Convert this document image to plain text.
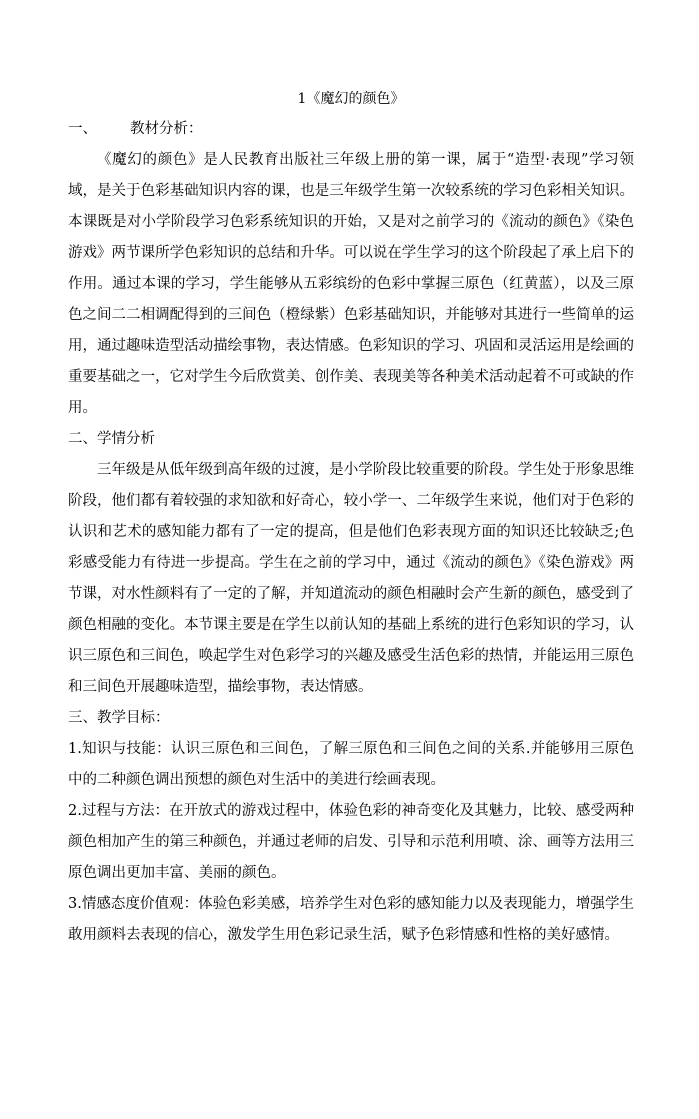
1《魔幻的颜色》
一、	教材分析：

《魔幻的颜色》是人民教育出版社三年级上册的第一课，属于“造型·表现”学习领域，是关于色彩基础知识内容的课，也是三年级学生第一次较系统的学习色彩相关知识。本课既是对小学阶段学习色彩系统知识的开始，又是对之前学习的《流动的颜色》《染色游戏》两节课所学色彩知识的总结和升华。可以说在学生学习的这个阶段起了承上启下的作用。通过本课的学习，学生能够从五彩缤纷的色彩中掌握三原色（红黄蓝），以及三原色之间二二相调配得到的三间色（橙绿紫）色彩基础知识，并能够对其进行一些简单的运用，通过趣味造型活动描绘事物，表达情感。色彩知识的学习、巩固和灵活运用是绘画的重要基础之一，它对学生今后欣赏美、创作美、表现美等各种美术活动起着不可或缺的作用。

二、学情分析

三年级是从低年级到高年级的过渡，是小学阶段比较重要的阶段。学生处于形象思维阶段，他们都有着较强的求知欲和好奇心，较小学一、二年级学生来说，他们对于色彩的认识和艺术的感知能力都有了一定的提高，但是他们色彩表现方面的知识还比较缺乏;色彩感受能力有待进一步提高。学生在之前的学习中，通过《流动的颜色》《染色游戏》两节课，对水性颜料有了一定的了解，并知道流动的颜色相融时会产生新的颜色，感受到了颜色相融的变化。本节课主要是在学生以前认知的基础上系统的进行色彩知识的学习，认识三原色和三间色，唤起学生对色彩学习的兴趣及感受生活色彩的热情，并能运用三原色和三间色开展趣味造型，描绘事物，表达情感。

三、教学目标：

1.知识与技能：认识三原色和三间色，了解三原色和三间色之间的关系.并能够用三原色中的二种颜色调出预想的颜色对生活中的美进行绘画表现。

2.过程与方法：在开放式的游戏过程中，体验色彩的神奇变化及其魅力，比较、感受两种颜色相加产生的第三种颜色，并通过老师的启发、引导和示范利用喷、涂、画等方法用三原色调出更加丰富、美丽的颜色。

3.情感态度价值观：体验色彩美感，培养学生对色彩的感知能力以及表现能力，增强学生敢用颜料去表现的信心，激发学生用色彩记录生活，赋予色彩情感和性格的美好感情。
